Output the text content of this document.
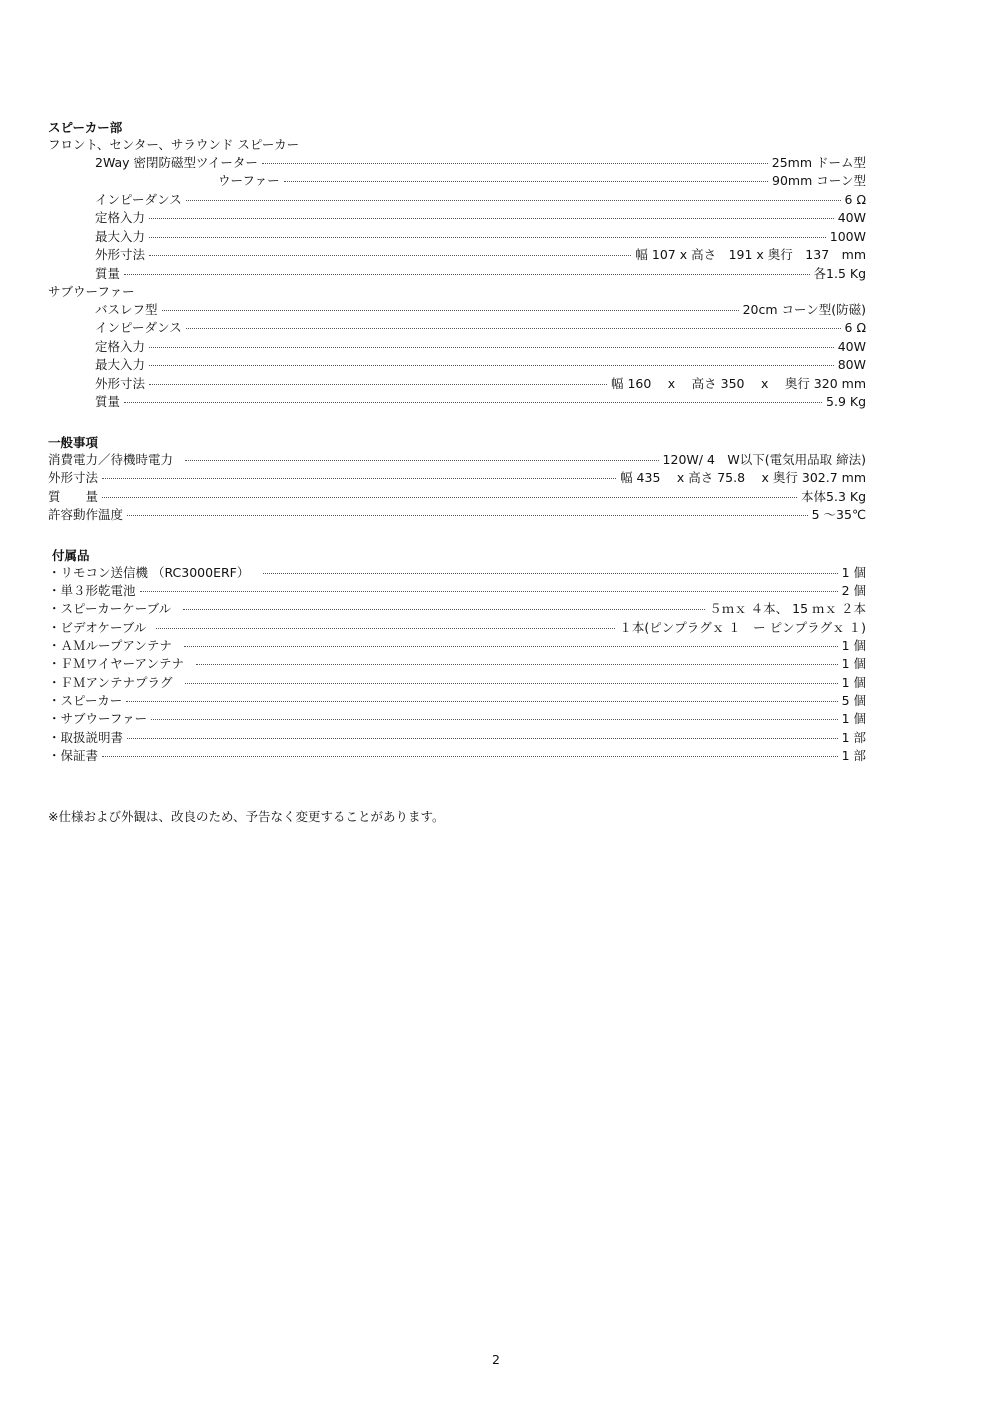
スピーカー部
フロント、センター、サラウンド スピーカー
2Way 密閉防磁型ツイーター	25mm ドーム型
ウーファー	90mm コーン型
インピーダンス	6 Ω
定格入力	40W
最大入力	100W
外形寸法	幅 107 x 高さ　191 x 奥行　137　mm
質量	各1.5 Kg
サブウーファー
バスレフ型	20cm コーン型(防磁)
インピーダンス	6 Ω
定格入力	40W
最大入力	80W
外形寸法	幅 160　 x 　高さ 350 　x 　奥行 320 mm
質量	5.9 Kg
一般事項
消費電力／待機時電力	120W/ 4　W以下(電気用品取 締法)
外形寸法	幅 435　 x 高さ 75.8　 x 奥行 302.7 mm
質　　量	本体5.3 Kg
許容動作温度	5 〜35℃
付属品
・リモコン送信機 （RC3000ERF）	1 個
・単３形乾電池	2 個
・スピーカーケーブル	５ｍｘ ４本、 15 ｍｘ ２本
・ビデオケーブル	１本(ピンプラグｘ １　ー ピンプラグｘ １)
・ＡＭループアンテナ	1 個
・ＦＭワイヤーアンテナ	1 個
・ＦＭアンテナプラグ	1 個
・スピーカー	5 個
・サブウーファー	1 個
・取扱説明書	1 部
・保証書	1 部
※仕様および外観は、改良のため、予告なく変更することがあります。
2
